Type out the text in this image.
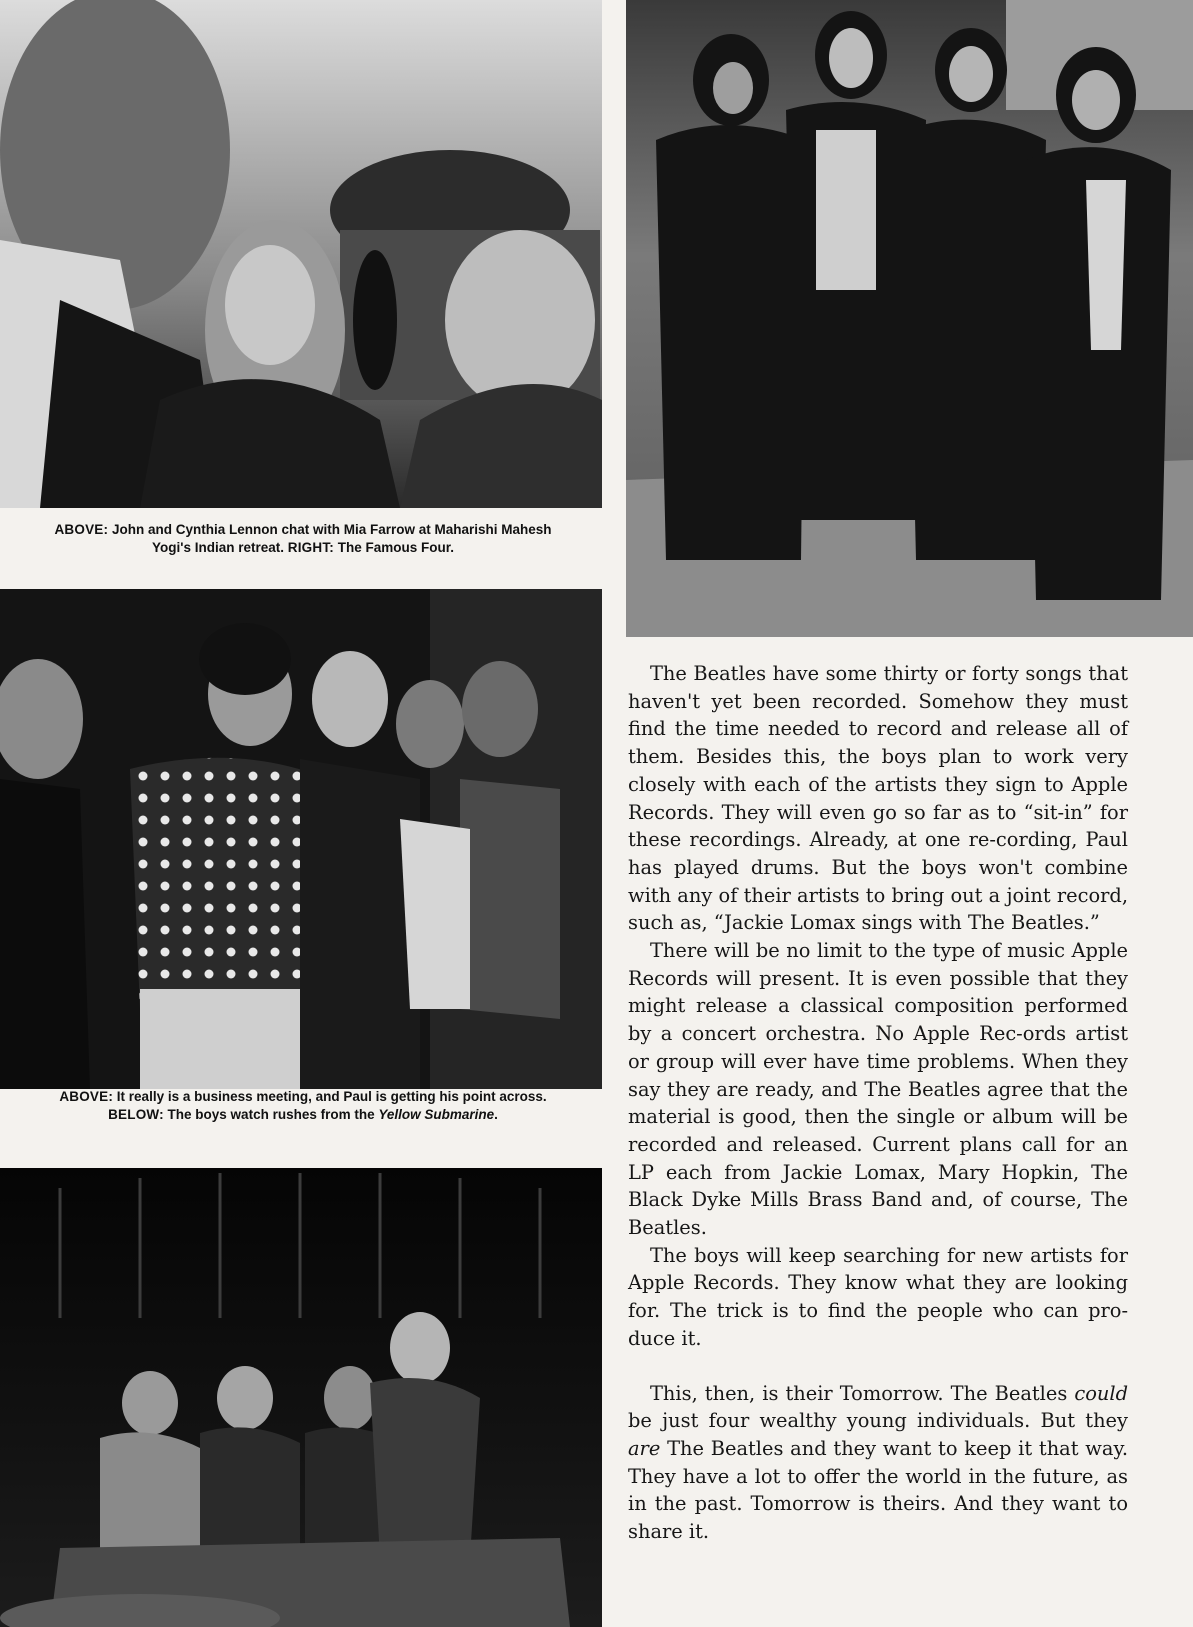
ABOVE: John and Cynthia Lennon chat with Mia Farrow at Maharishi Mahesh Yogi's Indian retreat. RIGHT: The Famous Four.
ABOVE: It really is a business meeting, and Paul is getting his point across. BELOW: The boys watch rushes from the Yellow Submarine.

The Beatles have some thirty or forty songs that haven't yet been recorded. Somehow they must find the time needed to record and release all of them. Besides this, the boys plan to work very closely with each of the artists they sign to Apple Records. They will even go so far as to “sit-in” for these recordings. Already, at one re-cording, Paul has played drums. But the boys won't combine with any of their artists to bring out a joint record, such as, “Jackie Lomax sings with The Beatles.”

There will be no limit to the type of music Apple Records will present. It is even possible that they might release a classical composition performed by a concert orchestra. No Apple Rec-ords artist or group will ever have time problems. When they say they are ready, and The Beatles agree that the material is good, then the single or album will be recorded and released. Current plans call for an LP each from Jackie Lomax, Mary Hopkin, The Black Dyke Mills Brass Band and, of course, The Beatles.

The boys will keep searching for new artists for Apple Records. They know what they are looking for. The trick is to find the people who can pro-duce it.

This, then, is their Tomorrow. The Beatles could be just four wealthy young individuals. But they are The Beatles and they want to keep it that way. They have a lot to offer the world in the future, as in the past. Tomorrow is theirs. And they want to share it.
